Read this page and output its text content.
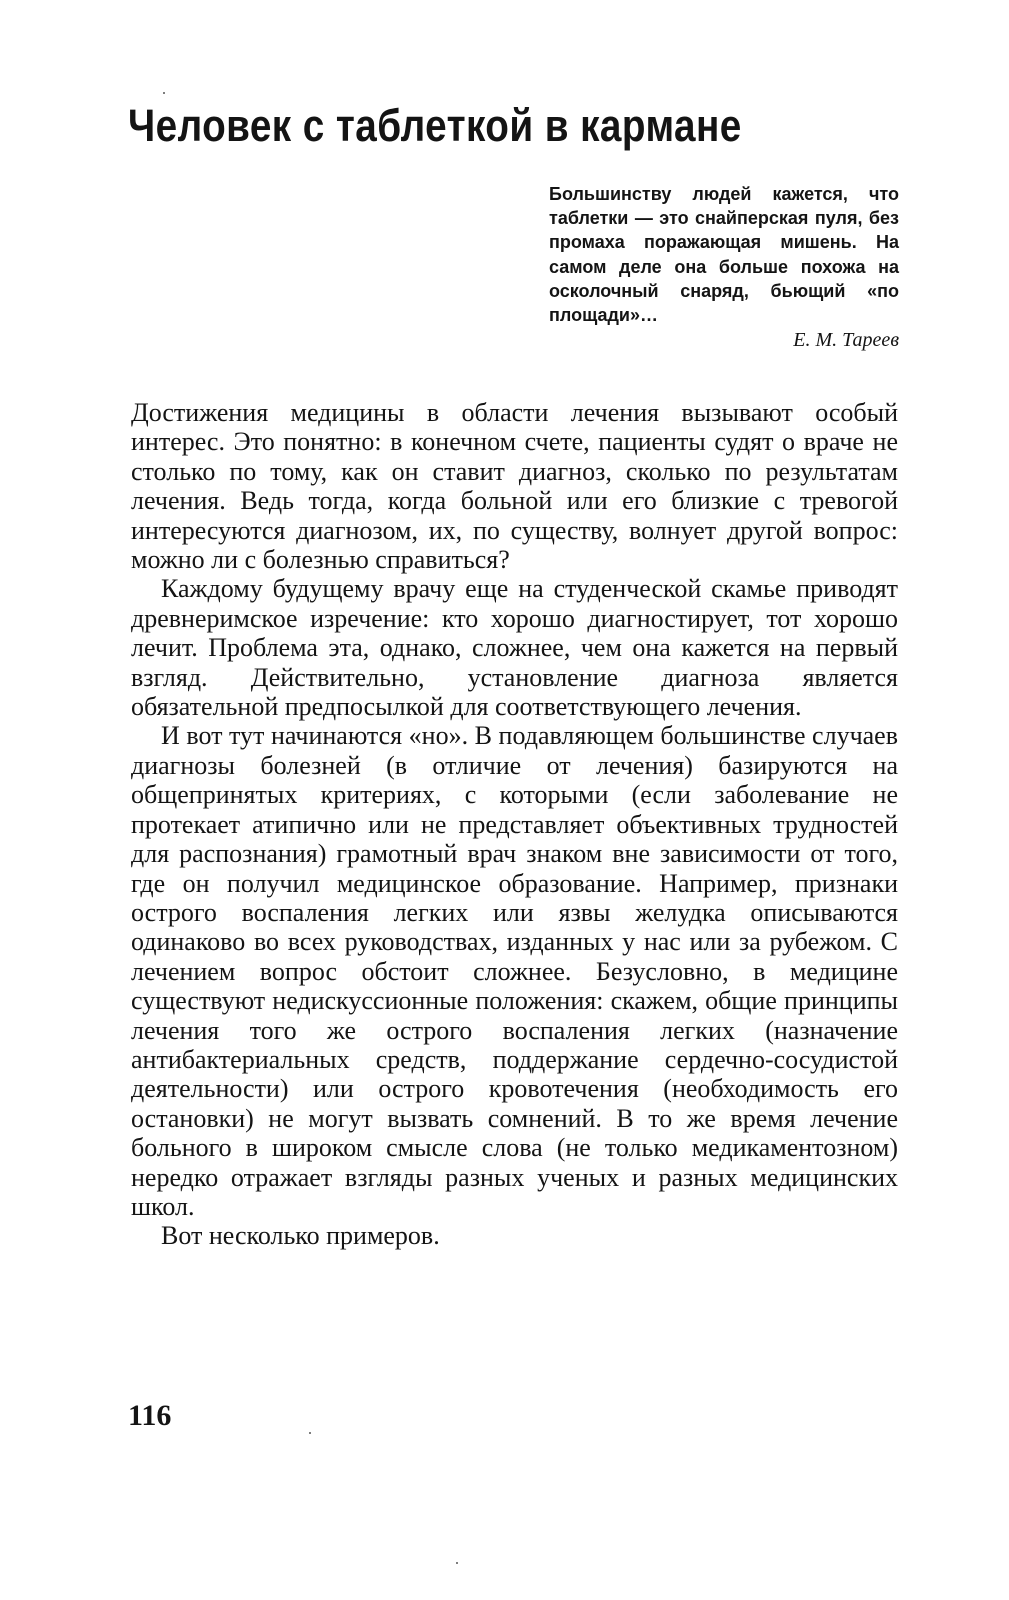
Человек с таблеткой в кармане

Большинству людей кажется, что таблетки — это снайперская пуля, без промаха поражающая мишень. На самом деле она больше похожа на осколочный снаряд, бьющий «по площади»…

Е. М. Тареев

Достижения медицины в области лечения вызывают особый интерес. Это понятно: в конечном счете, пациенты судят о враче не столько по тому, как он ставит диагноз, сколько по результатам лечения. Ведь тогда, когда больной или его близкие с тревогой интересуются диагнозом, их, по существу, волнует другой вопрос: можно ли с болезнью справиться?

Каждому будущему врачу еще на студенческой скамье приводят древнеримское изречение: кто хорошо диагностирует, тот хорошо лечит. Проблема эта, однако, сложнее, чем она кажется на первый взгляд. Действительно, установление диагноза является обязательной предпосылкой для соответствующего лечения.

И вот тут начинаются «но». В подавляющем большинстве случаев диагнозы болезней (в отличие от лечения) базируются на общепринятых критериях, с которыми (если заболевание не протекает атипично или не представляет объективных трудностей для распознания) грамотный врач знаком вне зависимости от того, где он получил медицинское образование. Например, признаки острого воспаления легких или язвы желудка описываются одинаково во всех руководствах, изданных у нас или за рубежом. С лечением вопрос обстоит сложнее. Безусловно, в медицине существуют недискуссионные положения: скажем, общие принципы лечения того же острого воспаления легких (назначение антибактериальных средств, поддержание сердечно-сосудистой деятельности) или острого кровотечения (необходимость его остановки) не могут вызвать сомнений. В то же время лечение больного в широком смысле слова (не только медикаментозном) нередко отражает взгляды разных ученых и разных медицинских школ.

Вот несколько примеров.

116
